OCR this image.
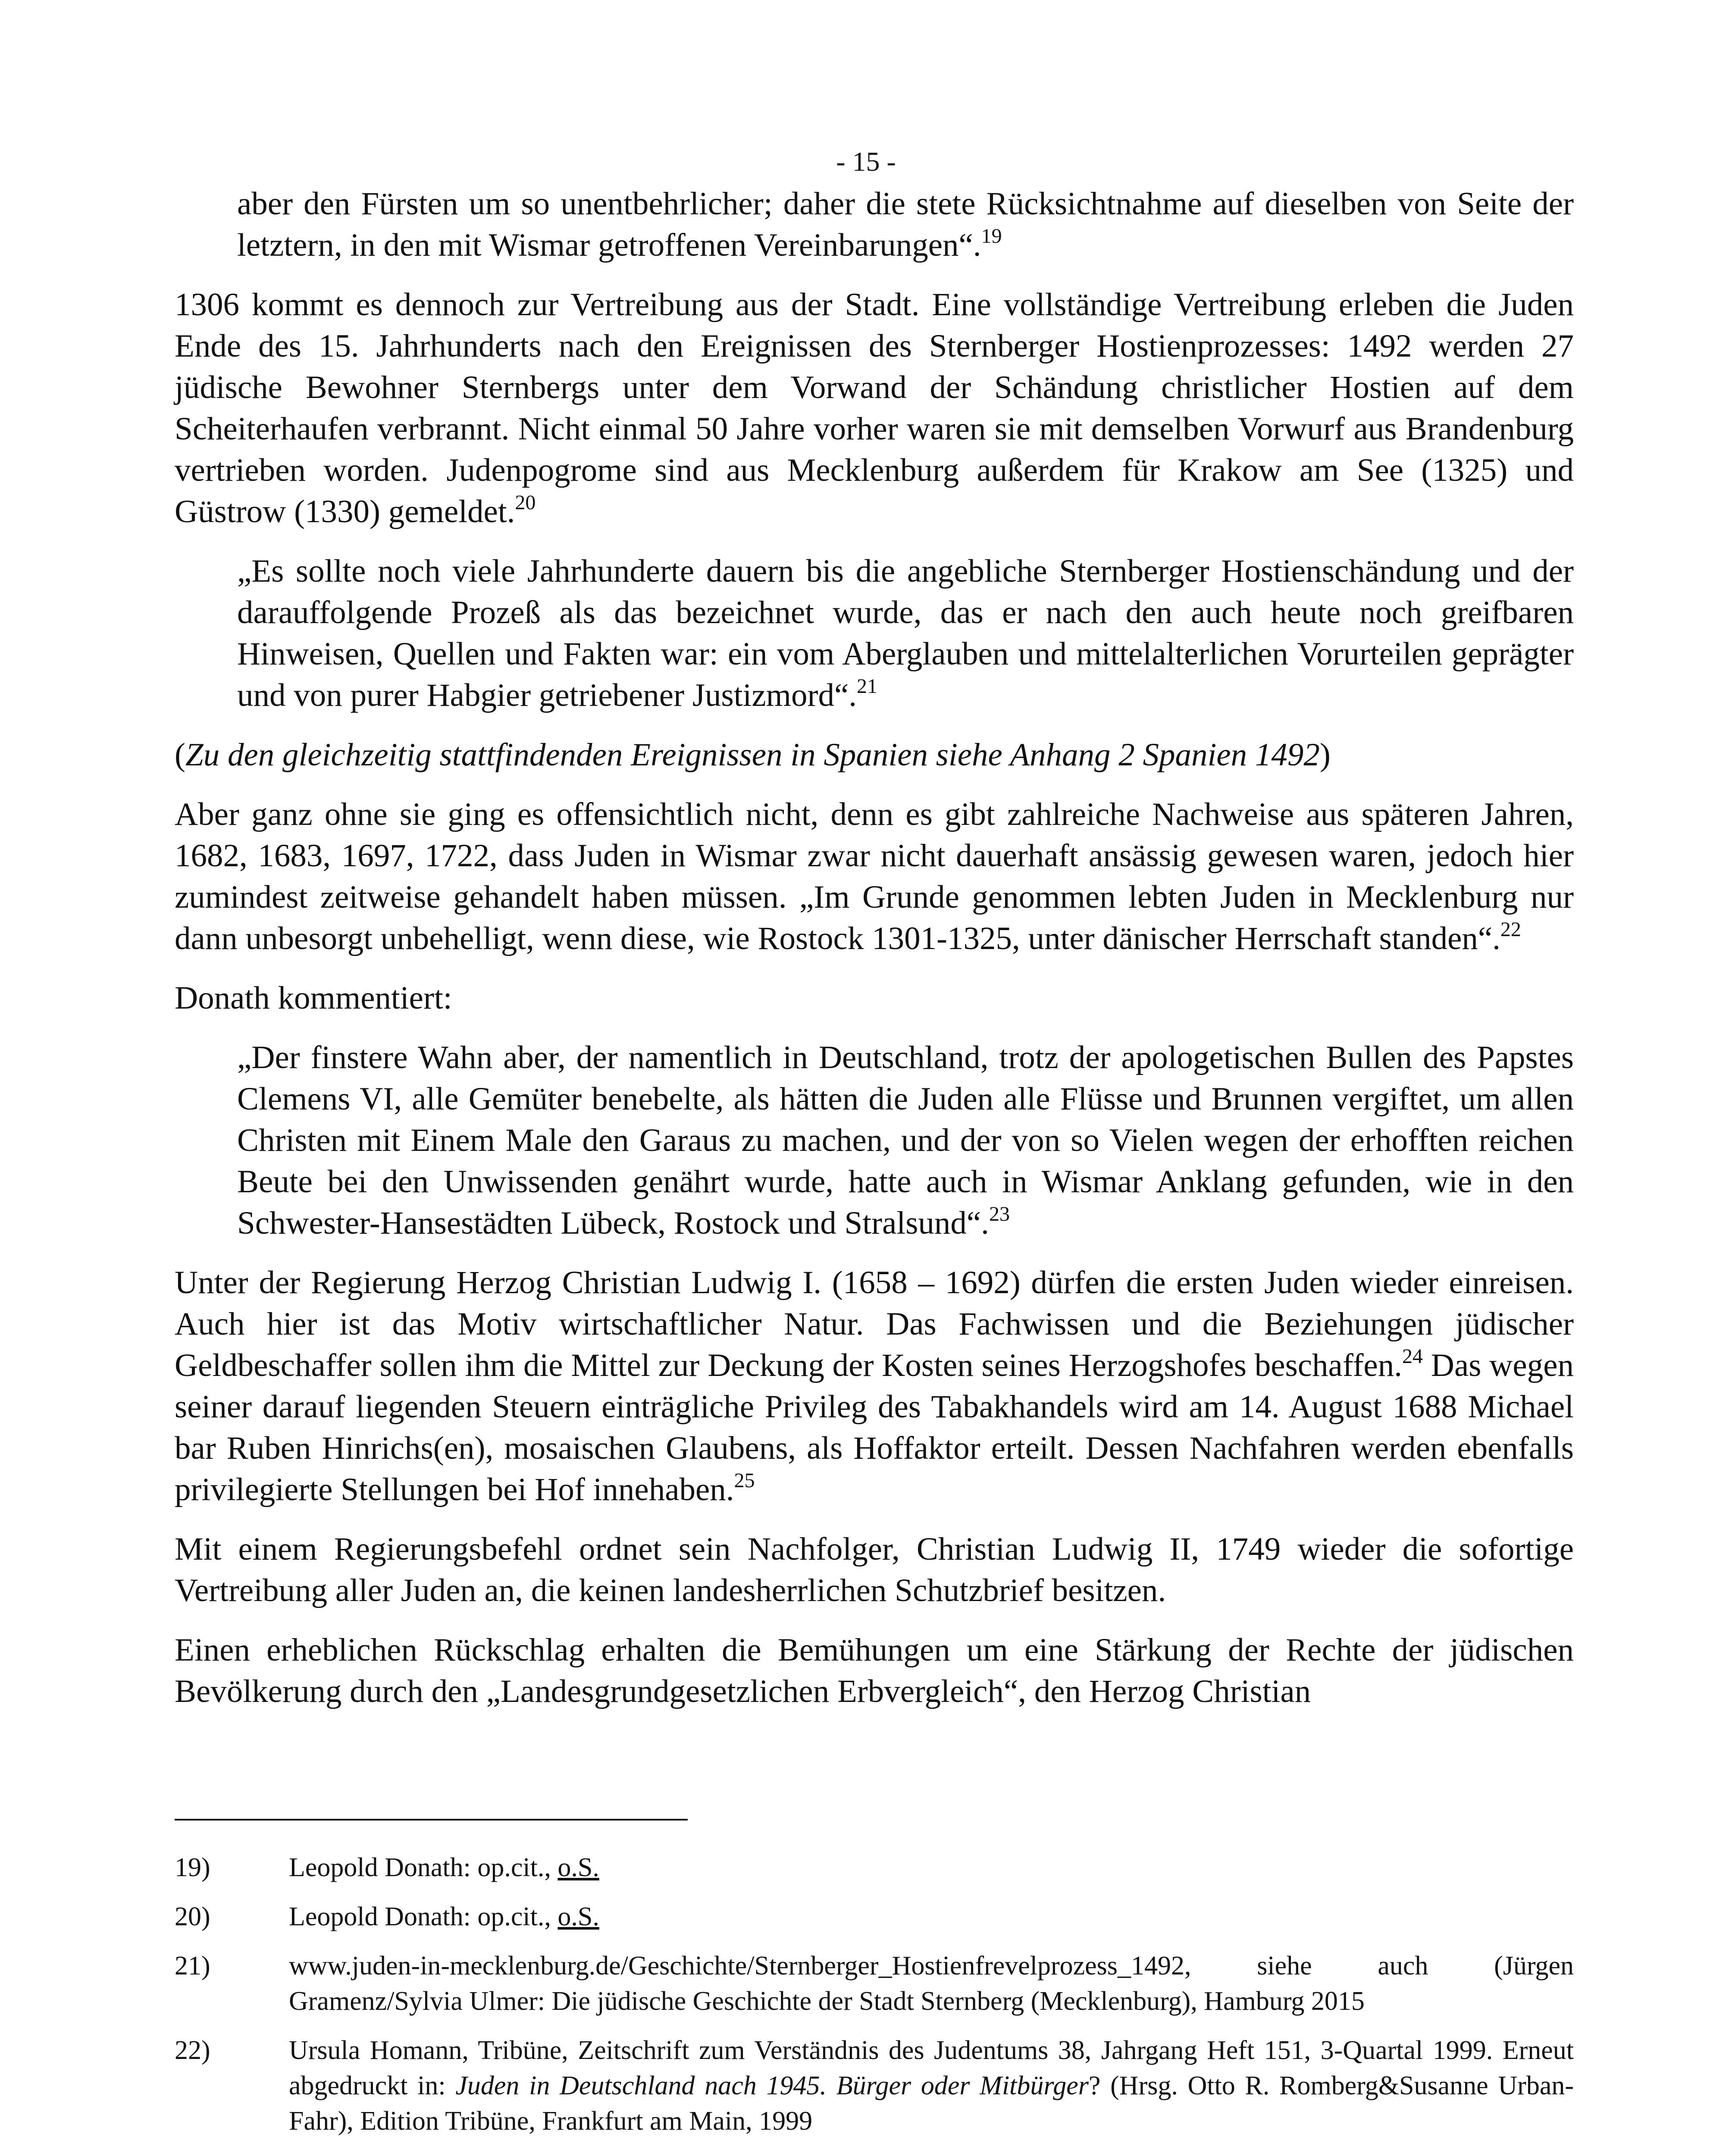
- 15 -

aber den Fürsten um so unentbehrlicher; daher die stete Rücksichtnahme auf dieselben von Seite der letztern, in den mit Wismar getroffenen Vereinbarungen“.$^{19}$

1306 kommt es dennoch zur Vertreibung aus der Stadt. Eine vollständige Vertreibung erleben die Juden Ende des 15. Jahrhunderts nach den Ereignissen des Sternberger Hostienprozesses: 1492 werden 27 jüdische Bewohner Sternbergs unter dem Vorwand der Schändung christlicher Hostien auf dem Scheiterhaufen verbrannt. Nicht einmal 50 Jahre vorher waren sie mit demselben Vorwurf aus Brandenburg vertrieben worden. Judenpogrome sind aus Mecklenburg außerdem für Krakow am See (1325) und Güstrow (1330) gemeldet.$^{20}$

„Es sollte noch viele Jahrhunderte dauern bis die angebliche Sternberger Hostienschändung und der darauffolgende Prozeß als das bezeichnet wurde, das er nach den auch heute noch greifbaren Hinweisen, Quellen und Fakten war: ein vom Aberglauben und mittelalterlichen Vorurteilen geprägter und von purer Habgier getriebener Justizmord“.$^{21}$

(Zu den gleichzeitig stattfindenden Ereignissen in Spanien siehe Anhang 2 Spanien 1492)

Aber ganz ohne sie ging es offensichtlich nicht, denn es gibt zahlreiche Nachweise aus späteren Jahren, 1682, 1683, 1697, 1722, dass Juden in Wismar zwar nicht dauerhaft ansässig gewesen waren, jedoch hier zumindest zeitweise gehandelt haben müssen. „Im Grunde genommen lebten Juden in Mecklenburg nur dann unbesorgt unbehelligt, wenn diese, wie Rostock 1301-1325, unter dänischer Herrschaft standen“.$^{22}$

Donath kommentiert:

„Der finstere Wahn aber, der namentlich in Deutschland, trotz der apologetischen Bullen des Papstes Clemens VI, alle Gemüter benebelte, als hätten die Juden alle Flüsse und Brunnen vergiftet, um allen Christen mit Einem Male den Garaus zu machen, und der von so Vielen wegen der erhofften reichen Beute bei den Unwissenden genährt wurde, hatte auch in Wismar Anklang gefunden, wie in den Schwester-Hansestädten Lübeck, Rostock und Stralsund“.$^{23}$

Unter der Regierung Herzog Christian Ludwig I. (1658 – 1692) dürfen die ersten Juden wieder einreisen. Auch hier ist das Motiv wirtschaftlicher Natur. Das Fachwissen und die Beziehungen jüdischer Geldbeschaffer sollen ihm die Mittel zur Deckung der Kosten seines Herzogshofes beschaffen.$^{24}$ Das wegen seiner darauf liegenden Steuern einträgliche Privileg des Tabakhandels wird am 14. August 1688 Michael bar Ruben Hinrichs(en), mosaischen Glaubens, als Hoffaktor erteilt. Dessen Nachfahren werden ebenfalls privilegierte Stellungen bei Hof innehaben.$^{25}$

Mit einem Regierungsbefehl ordnet sein Nachfolger, Christian Ludwig II, 1749 wieder die sofortige Vertreibung aller Juden an, die keinen landesherrlichen Schutzbrief besitzen.

Einen erheblichen Rückschlag erhalten die Bemühungen um eine Stärkung der Rechte der jüdischen Bevölkerung durch den „Landesgrundgesetzlichen Erbvergleich“, den Herzog Christian

19)	Leopold Donath: op.cit., o.S.
20)	Leopold Donath: op.cit., o.S.
21)	www.juden-in-mecklenburg.de/Geschichte/Sternberger_Hostienfrevelprozess_1492, siehe auch (Jürgen Gramenz/Sylvia Ulmer: Die jüdische Geschichte der Stadt Sternberg (Mecklenburg), Hamburg 2015
22)	Ursula Homann, Tribüne, Zeitschrift zum Verständnis des Judentums 38, Jahrgang Heft 151, 3-Quartal 1999. Erneut abgedruckt in: Juden in Deutschland nach 1945. Bürger oder Mitbürger? (Hrsg. Otto R. Romberg&Susanne Urban-Fahr), Edition Tribüne, Frankfurt am Main, 1999
